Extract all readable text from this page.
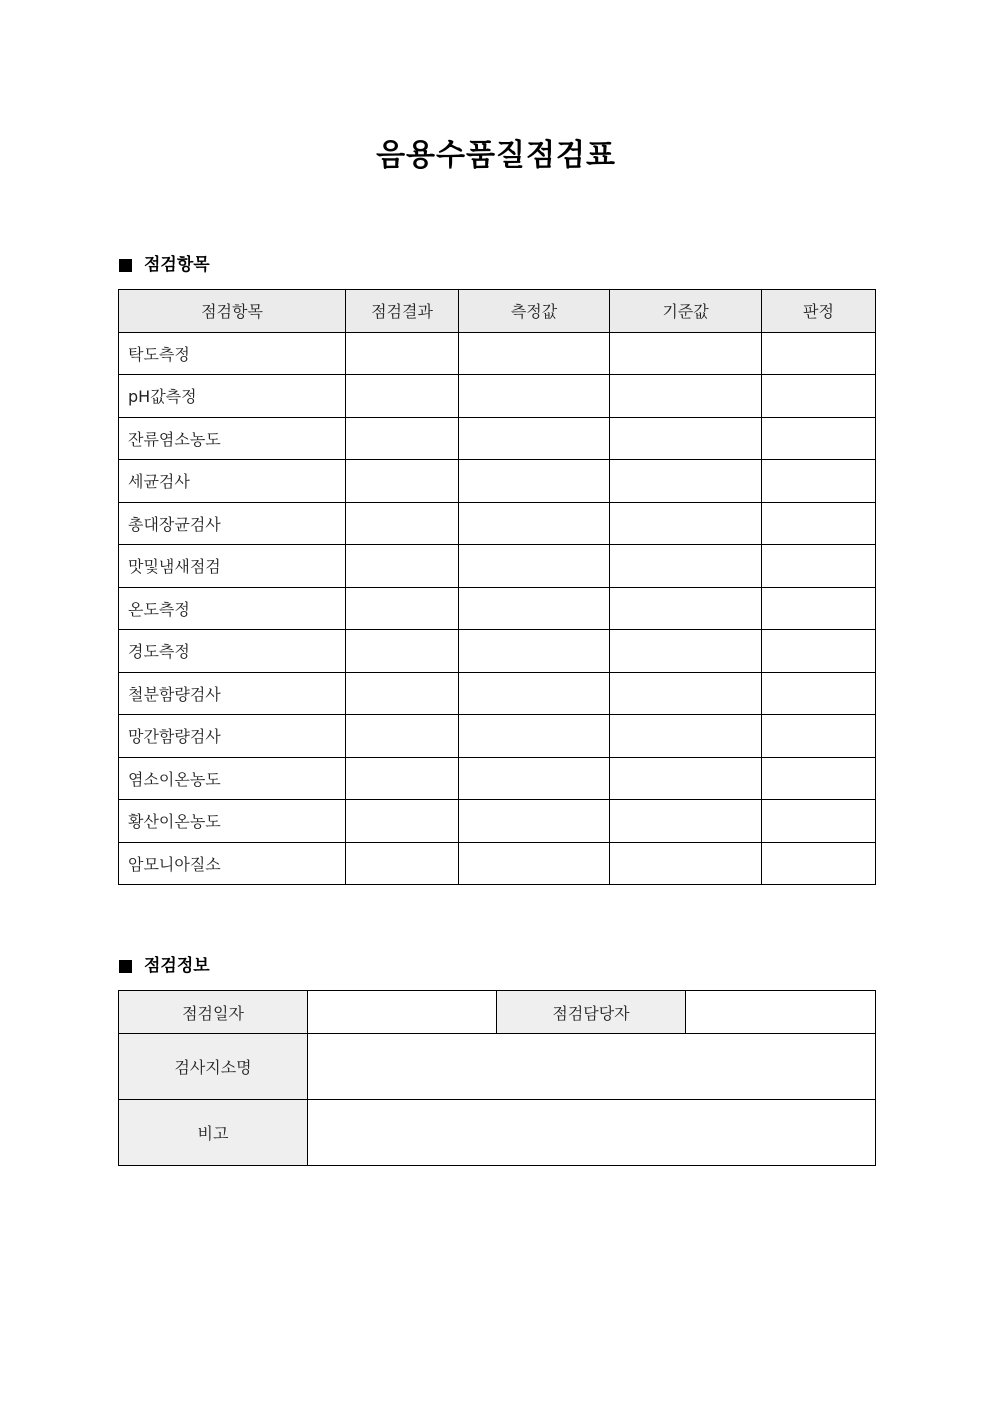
음용수품질점검표
점검항목
점검항목	점검결과	측정값	기준값	판정
탁도측정				
pH값측정				
잔류염소농도				
세균검사				
총대장균검사				
맛및냄새점검				
온도측정				
경도측정				
철분함량검사				
망간함량검사				
염소이온농도				
황산이온농도				
암모니아질소				
점검정보
점검일자		점검담당자	
검사지소명			
비고			
